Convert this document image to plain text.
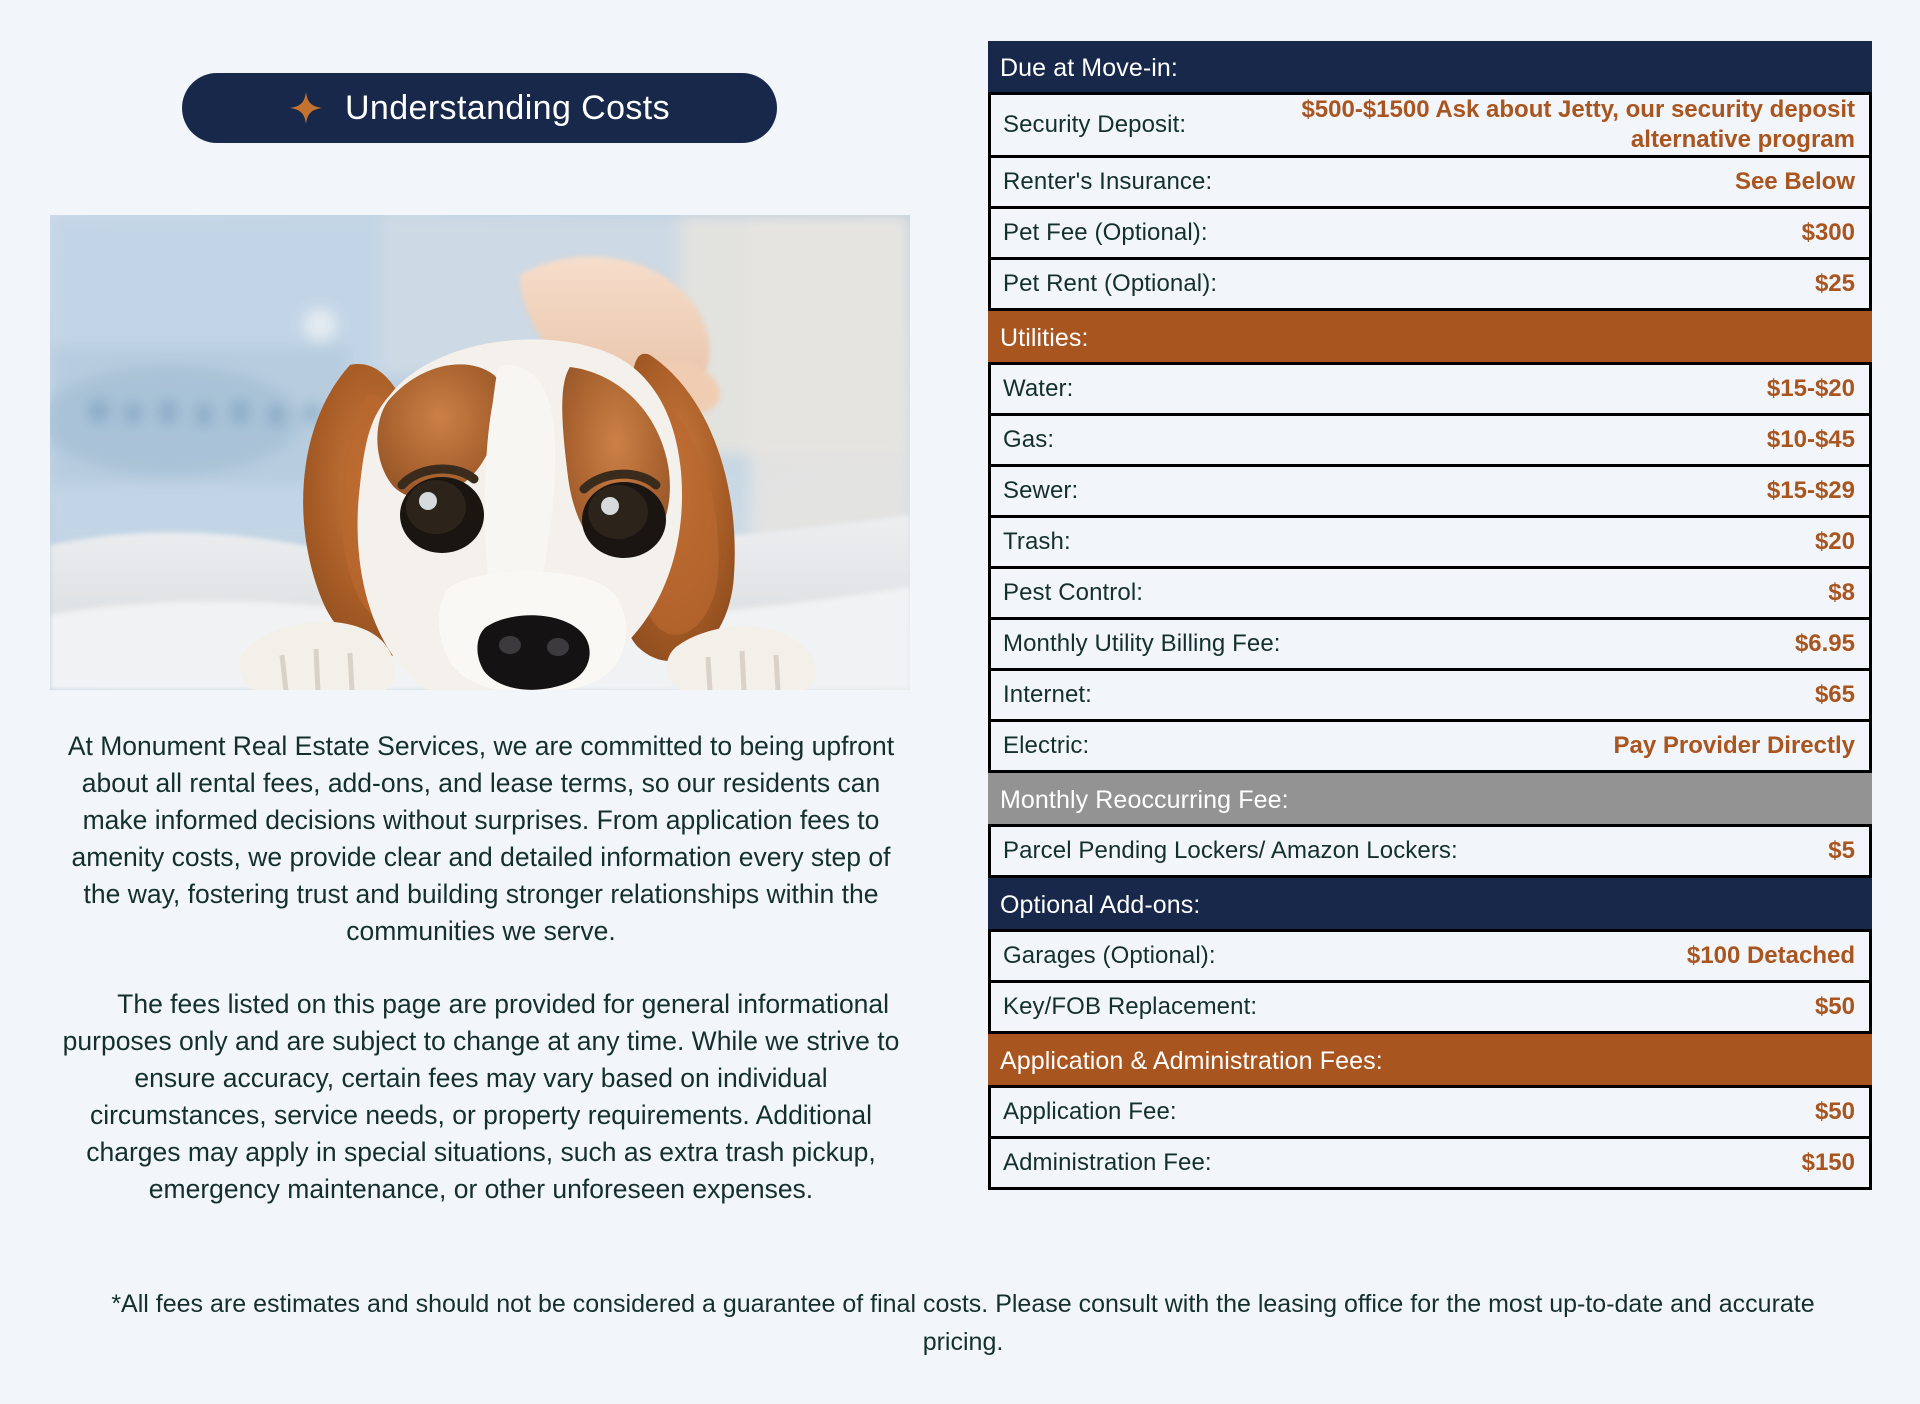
Understanding Costs

At Monument Real Estate Services, we are committed to being upfront about all rental fees, add-ons, and lease terms, so our residents can make informed decisions without surprises. From application fees to amenity costs, we provide clear and detailed information every step of the way, fostering trust and building stronger relationships within the communities we serve.

The fees listed on this page are provided for general informational purposes only and are subject to change at any time. While we strive to ensure accuracy, certain fees may vary based on individual circumstances, service needs, or property requirements. Additional charges may apply in special situations, such as extra trash pickup, emergency maintenance, or other unforeseen expenses.

Due at Move-in:
Security Deposit:
$500-$1500 Ask about Jetty, our security deposit alternative program
Renter's Insurance:	See Below
Pet Fee (Optional):	$300
Pet Rent (Optional):	$25
Utilities:
Water:	$15-$20
Gas:	$10-$45
Sewer:	$15-$29
Trash:	$20
Pest Control:	$8
Monthly Utility Billing Fee:	$6.95
Internet:	$65
Electric:	Pay Provider Directly
Monthly Reoccurring Fee:
Parcel Pending Lockers/ Amazon Lockers:	$5
Optional Add-ons:
Garages (Optional):	$100 Detached
Key/FOB Replacement:	$50
Application & Administration Fees:
Application Fee:	$50
Administration Fee:	$150
*All fees are estimates and should not be considered a guarantee of final costs. Please consult with the leasing office for the most up-to-date and accurate pricing.
